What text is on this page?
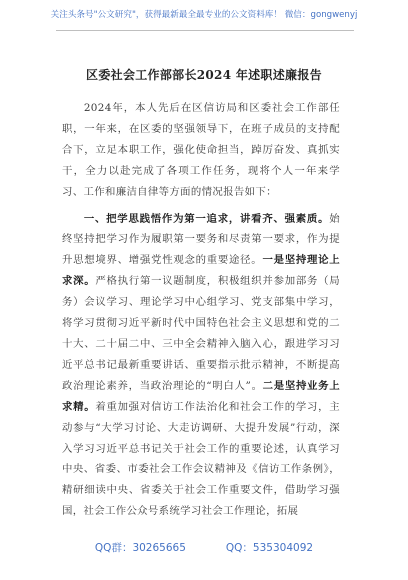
关注头条号"公文研究"，获得最新最全最专业的公文资料库！ 微信：gongwenyj
区委社会工作部部长2024 年述职述廉报告

2024年，本人先后在区信访局和区委社会工作部任职，一年来，在区委的坚强领导下，在班子成员的支持配合下，立足本职工作，强化使命担当，踔厉奋发、真抓实干，全力以赴完成了各项工作任务，现将个人一年来学习、工作和廉洁自律等方面的情况报告如下：

一、把学思践悟作为第一追求，讲看齐、强素质。始终坚持把学习作为履职第一要务和尽责第一要求，作为提升思想境界、增强党性观念的重要途径。一是坚持理论上求深。严格执行第一议题制度，积极组织并参加部务（局务）会议学习、理论学习中心组学习、党支部集中学习，将学习贯彻习近平新时代中国特色社会主义思想和党的二十大、二十届二中、三中全会精神入脑入心，跟进学习习近平总书记最新重要讲话、重要指示批示精神，不断提高政治理论素养，当政治理论的“明白人”。二是坚持业务上求精。着重加强对信访工作法治化和社会工作的学习，主动参与“大学习讨论、大走访调研、大提升发展”行动，深入学习习近平总书记关于社会工作的重要论述，认真学习中央、省委、市委社会工作会议精神及《信访工作条例》，精研细读中央、省委关于社会工作重要文件，借助学习强国，社会工作公众号系统学习社会工作理论，拓展

QQ群：30265665	QQ：535304092
